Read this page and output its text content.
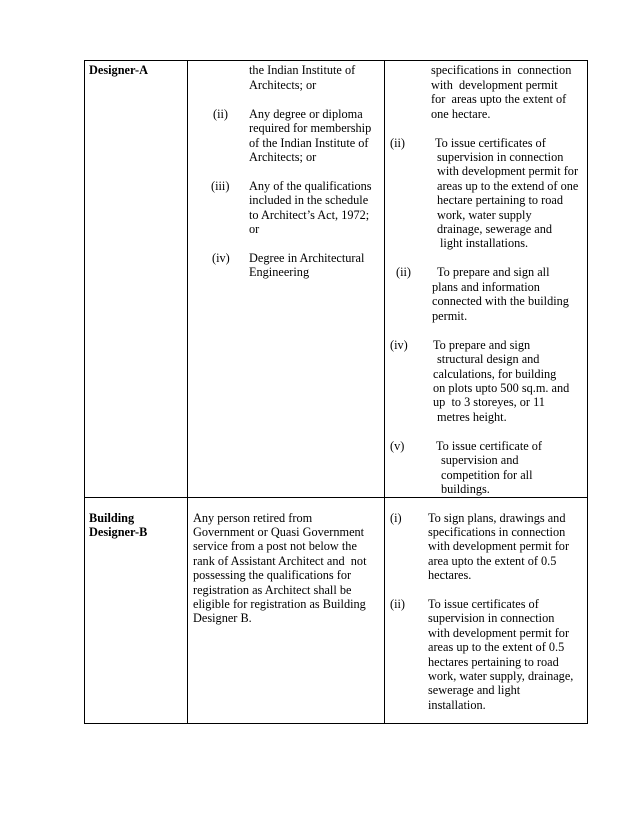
Designer-A	the Indian Institute of
Architects; or
(ii) Any degree or diploma
required for membership
of the Indian Institute of
Architects; or
(iii) Any of the qualifications
included in the schedule
to Architect’s Act, 1972;
or
(iv) Degree in Architectural
Engineering
specifications in  connection
with  development permit
for  areas upto the extent of
one hectare.
(ii) To issue certificates of
supervision in connection
with development permit for
areas up to the extend of one
hectare pertaining to road
work, water supply
drainage, sewerage and
light installations.
(ii) To prepare and sign all
plans and information
connected with the building
permit.
(iv) To prepare and sign
structural design and
calculations, for building
on plots upto 500 sq.m. and
up  to 3 storeyes, or 11
metres height.
(v)	To issue certificate of
supervision and
competition for all
buildings.
Building
Designer-B
Any person retired from
Government or Quasi Government
service from a post not below the
rank of Assistant Architect and  not
possessing the qualifications for
registration as Architect shall be
eligible for registration as Building
Designer B.
(i) To sign plans, drawings and
specifications in connection
with development permit for
area upto the extent of 0.5
hectares.
(ii) To issue certificates of
supervision in connection
with development permit for
areas up to the extent of 0.5
hectares pertaining to road
work, water supply, drainage,
sewerage and light
installation.
